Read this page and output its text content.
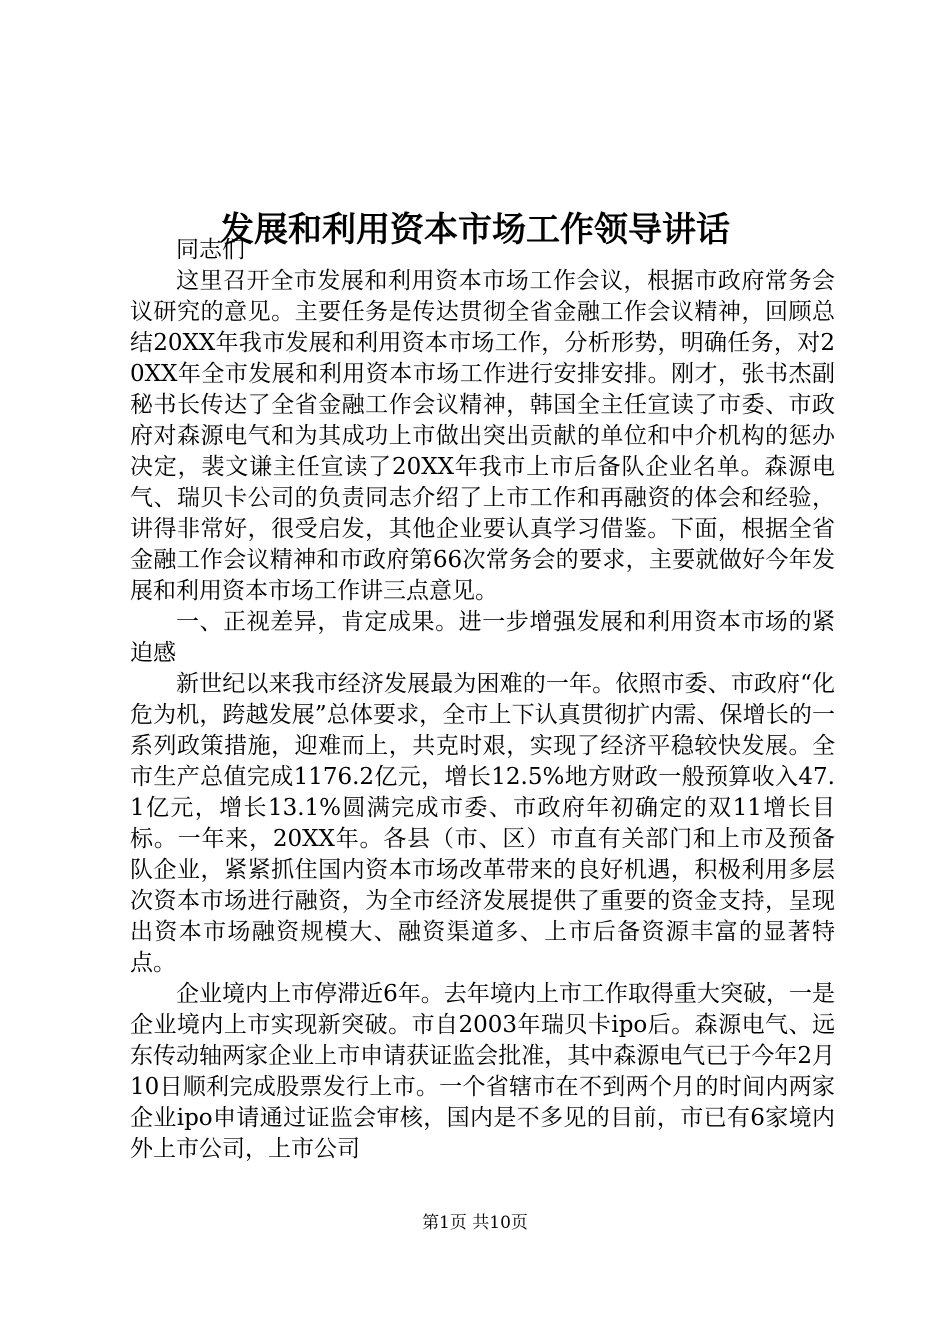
发展和利用资本市场工作领导讲话

同志们

这里召开全市发展和利用资本市场工作会议，根据市政府常务会议研究的意见。主要任务是传达贯彻全省金融工作会议精神，回顾总结20XX年我市发展和利用资本市场工作，分析形势，明确任务，对20XX年全市发展和利用资本市场工作进行安排安排。刚才，张书杰副秘书长传达了全省金融工作会议精神，韩国全主任宣读了市委、市政府对森源电气和为其成功上市做出突出贡献的单位和中介机构的惩办决定，裴文谦主任宣读了20XX年我市上市后备队企业名单。森源电气、瑞贝卡公司的负责同志介绍了上市工作和再融资的体会和经验，讲得非常好，很受启发，其他企业要认真学习借鉴。下面，根据全省金融工作会议精神和市政府第66次常务会的要求，主要就做好今年发展和利用资本市场工作讲三点意见。

一、正视差异，肯定成果。进一步增强发展和利用资本市场的紧迫感

新世纪以来我市经济发展最为困难的一年。依照市委、市政府“化危为机，跨越发展”总体要求，全市上下认真贯彻扩内需、保增长的一系列政策措施，迎难而上，共克时艰，实现了经济平稳较快发展。全市生产总值完成1176.2亿元，增长12.5%地方财政一般预算收入47.1亿元，增长13.1%圆满完成市委、市政府年初确定的双11增长目标。一年来，20XX年。各县（市、区）市直有关部门和上市及预备队企业，紧紧抓住国内资本市场改革带来的良好机遇，积极利用多层次资本市场进行融资，为全市经济发展提供了重要的资金支持，呈现出资本市场融资规模大、融资渠道多、上市后备资源丰富的显著特点。

企业境内上市停滞近6年。去年境内上市工作取得重大突破，一是企业境内上市实现新突破。市自2003年瑞贝卡ipo后。森源电气、远东传动轴两家企业上市申请获证监会批准，其中森源电气已于今年2月10日顺利完成股票发行上市。一个省辖市在不到两个月的时间内两家企业ipo申请通过证监会审核，国内是不多见的目前，市已有6家境内外上市公司，上市公司

第1页 共10页
